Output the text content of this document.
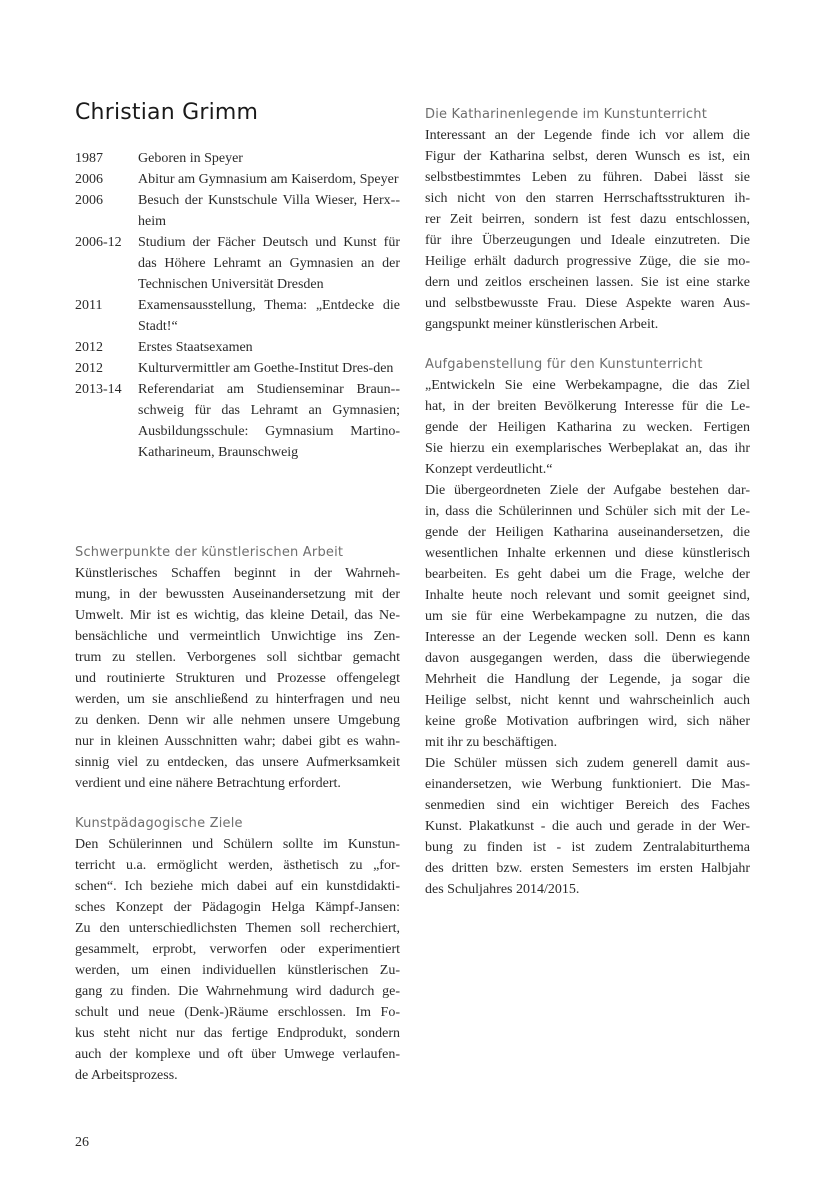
Christian Grimm
1987	Geboren in Speyer
2006	Abitur am Gymnasium am Kaiserdom, Speyer
2006	Besuch der Kunstschule Villa Wieser, Herx-heim
2006-12	Studium der Fächer Deutsch und Kunst für das Höhere Lehramt an Gymnasien an der Technischen Universität Dresden
2011	Examensausstellung, Thema: „Entdecke die Stadt!“
2012	Erstes Staatsexamen
2012	Kulturvermittler am Goethe-Institut Dres-den
2013-14	Referendariat am Studienseminar Braun-schweig für das Lehramt an Gymnasien; Ausbildungsschule: Gymnasium Martino-Katharineum, Braunschweig
Schwerpunkte der künstlerischen Arbeit
Künstlerisches Schaffen beginnt in der Wahrneh-
mung, in der bewussten Auseinandersetzung mit der
Umwelt. Mir ist es wichtig, das kleine Detail, das Ne-
bensächliche und vermeintlich Unwichtige ins Zen-
trum zu stellen. Verborgenes soll sichtbar gemacht
und routinierte Strukturen und Prozesse offengelegt
werden, um sie anschließend zu hinterfragen und neu
zu denken. Denn wir alle nehmen unsere Umgebung
nur in kleinen Ausschnitten wahr; dabei gibt es wahn-
sinnig viel zu entdecken, das unsere Aufmerksamkeit
verdient und eine nähere Betrachtung erfordert.
Kunstpädagogische Ziele
Den Schülerinnen und Schülern sollte im Kunstun-
terricht u.a. ermöglicht werden, ästhetisch zu „for-
schen“. Ich beziehe mich dabei auf ein kunstdidakti-
sches Konzept der Pädagogin Helga Kämpf-Jansen:
Zu den unterschiedlichsten Themen soll recherchiert,
gesammelt, erprobt, verworfen oder experimentiert
werden, um einen individuellen künstlerischen Zu-
gang zu finden. Die Wahrnehmung wird dadurch ge-
schult und neue (Denk-)Räume erschlossen. Im Fo-
kus steht nicht nur das fertige Endprodukt, sondern
auch der komplexe und oft über Umwege verlaufen-
de Arbeitsprozess.
Die Katharinenlegende im Kunstunterricht
Interessant an der Legende finde ich vor allem die
Figur der Katharina selbst, deren Wunsch es ist, ein
selbstbestimmtes Leben zu führen. Dabei lässt sie
sich nicht von den starren Herrschaftsstrukturen ih-
rer Zeit beirren, sondern ist fest dazu entschlossen,
für ihre Überzeugungen und Ideale einzutreten. Die
Heilige erhält dadurch progressive Züge, die sie mo-
dern und zeitlos erscheinen lassen. Sie ist eine starke
und selbstbewusste Frau. Diese Aspekte waren Aus-
gangspunkt meiner künstlerischen Arbeit.
Aufgabenstellung für den Kunstunterricht
„Entwickeln Sie eine Werbekampagne, die das Ziel
hat, in der breiten Bevölkerung Interesse für die Le-
gende der Heiligen Katharina zu wecken. Fertigen
Sie hierzu ein exemplarisches Werbeplakat an, das ihr
Konzept verdeutlicht.“
Die übergeordneten Ziele der Aufgabe bestehen dar-
in, dass die Schülerinnen und Schüler sich mit der Le-
gende der Heiligen Katharina auseinandersetzen, die
wesentlichen Inhalte erkennen und diese künstlerisch
bearbeiten. Es geht dabei um die Frage, welche der
Inhalte heute noch relevant und somit geeignet sind,
um sie für eine Werbekampagne zu nutzen, die das
Interesse an der Legende wecken soll. Denn es kann
davon ausgegangen werden, dass die überwiegende
Mehrheit die Handlung der Legende, ja sogar die
Heilige selbst, nicht kennt und wahrscheinlich auch
keine große Motivation aufbringen wird, sich näher
mit ihr zu beschäftigen.
Die Schüler müssen sich zudem generell damit aus-
einandersetzen, wie Werbung funktioniert. Die Mas-
senmedien sind ein wichtiger Bereich des Faches
Kunst. Plakatkunst - die auch und gerade in der Wer-
bung zu finden ist - ist zudem Zentralabiturthema
des dritten bzw. ersten Semesters im ersten Halbjahr
des Schuljahres 2014/2015.
26
